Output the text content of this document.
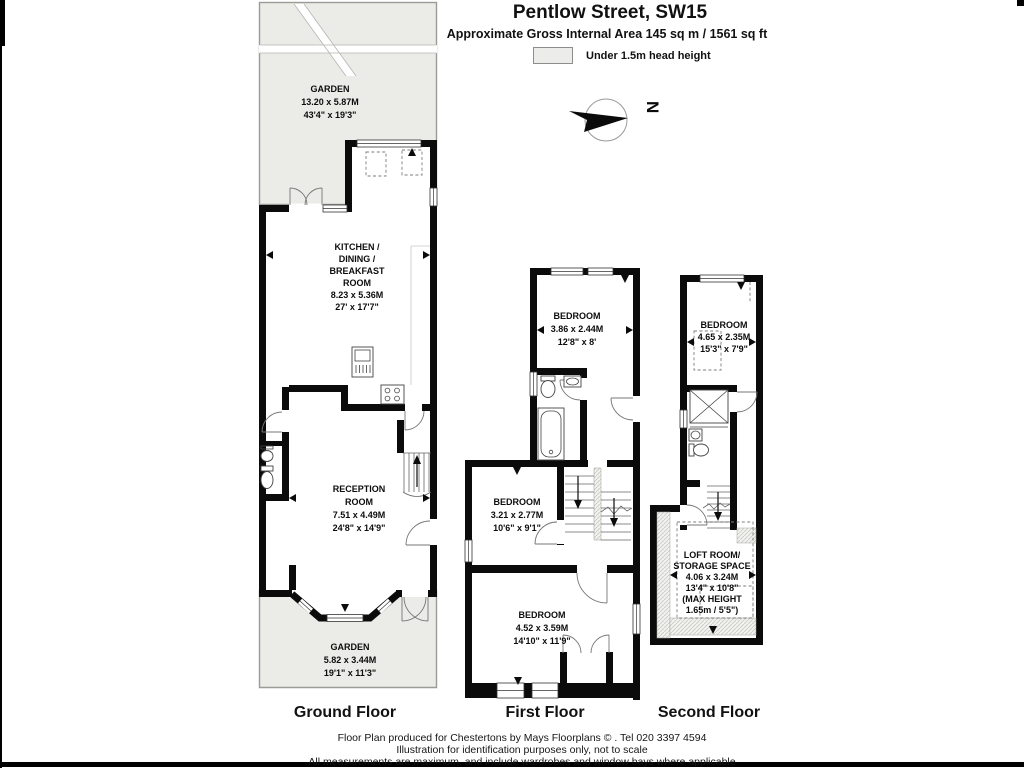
N
Pentlow Street, SW15
Approximate Gross Internal Area 145 sq m / 1561 sq ft
Under 1.5m head height
GARDEN
13.20 x 5.87M
43'4" x 19'3"
KITCHEN /
DINING /
BREAKFAST
ROOM
8.23 x 5.36M
27' x 17'7"
RECEPTION
ROOM
7.51 x 4.49M
24'8" x 14'9"
GARDEN
5.82 x 3.44M
19'1" x 11'3"
BEDROOM
3.86 x 2.44M
12'8" x 8'
BEDROOM
3.21 x 2.77M
10'6" x 9'1"
BEDROOM
4.52 x 3.59M
14'10" x 11'9"
BEDROOM
4.65 x 2.35M
15'3" x 7'9"
LOFT ROOM/
STORAGE SPACE
4.06 x 3.24M
13'4" x 10'8"
(MAX HEIGHT
1.65m / 5'5")
Ground Floor	First Floor	Second Floor
Floor Plan produced for Chestertons by Mays Floorplans © . Tel 020 3397 4594
Illustration for identification purposes only, not to scale
All measurements are maximum, and include wardrobes and window bays where applicable
